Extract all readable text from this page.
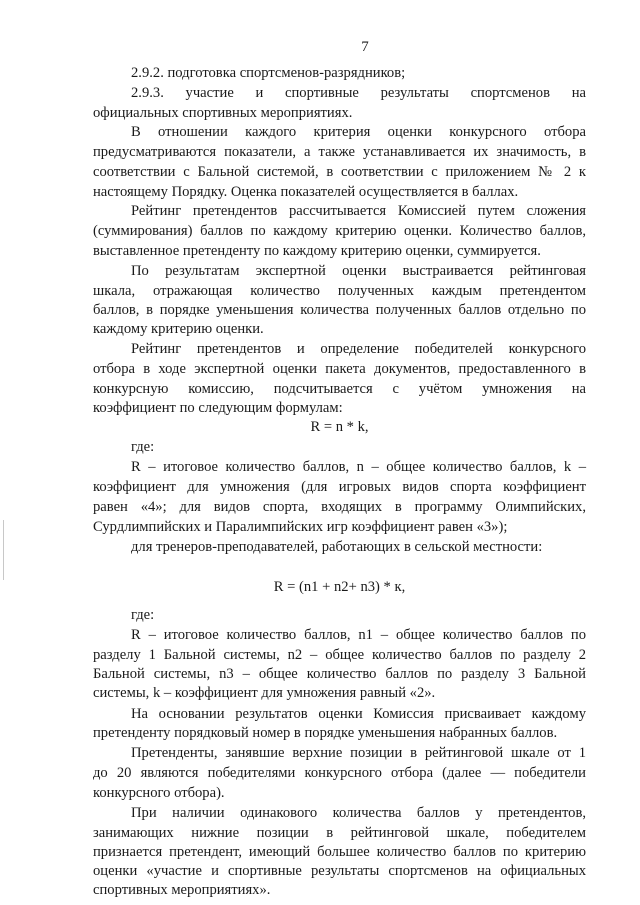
7
2.9.2. подготовка спортсменов-разрядников;
2.9.3. участие и спортивные результаты спортсменов на
официальных спортивных мероприятиях.
В отношении каждого критерия оценки конкурсного отбора
предусматриваются показатели, а также устанавливается их значимость, в
соответствии с Бальной системой, в соответствии с приложением № 2 к
настоящему Порядку. Оценка показателей осуществляется в баллах.
Рейтинг претендентов рассчитывается Комиссией путем сложения
(суммирования) баллов по каждому критерию оценки. Количество баллов,
выставленное претенденту по каждому критерию оценки, суммируется.
По результатам экспертной оценки выстраивается рейтинговая
шкала, отражающая количество полученных каждым претендентом
баллов, в порядке уменьшения количества полученных баллов отдельно по
каждому критерию оценки.
Рейтинг претендентов и определение победителей конкурсного
отбора в ходе экспертной оценки пакета документов, предоставленного в
конкурсную комиссию, подсчитывается с учётом умножения на
коэффициент по следующим формулам:
R = n * k,
где:
R – итоговое количество баллов, n – общее количество баллов, k –
коэффициент для умножения (для игровых видов спорта коэффициент
равен «4»; для видов спорта, входящих в программу Олимпийских,
Сурдлимпийских и Паралимпийских игр коэффициент равен «3»);
для тренеров-преподавателей, работающих в сельской местности:
R = (n1 + n2+ n3) * к,
где:
R – итоговое количество баллов, n1 – общее количество баллов по
разделу 1 Бальной системы, n2 – общее количество баллов по разделу 2
Бальной системы, n3 – общее количество баллов по разделу 3 Бальной
системы, k – коэффициент для умножения равный «2».
На основании результатов оценки Комиссия присваивает каждому
претенденту порядковый номер в порядке уменьшения набранных баллов.
Претенденты, занявшие верхние позиции в рейтинговой шкале от 1
до 20 являются победителями конкурсного отбора (далее — победители
конкурсного отбора).
При наличии одинакового количества баллов у претендентов,
занимающих нижние позиции в рейтинговой шкале, победителем
признается претендент, имеющий большее количество баллов по критерию
оценки «участие и спортивные результаты спортсменов на официальных
спортивных мероприятиях».
